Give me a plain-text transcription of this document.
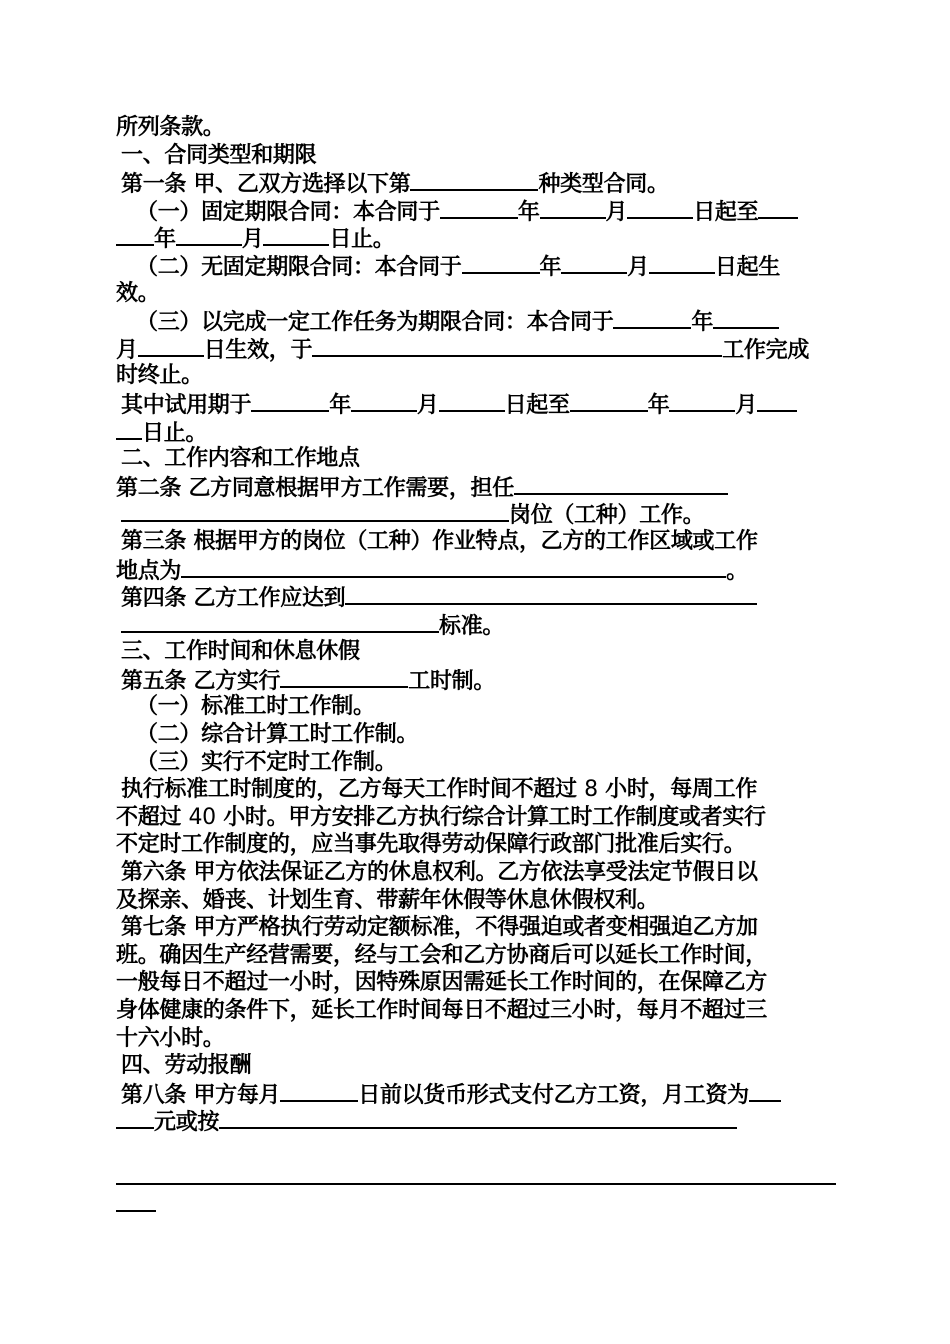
所列条款。
一、合同类型和期限
第一条 甲、乙双方选择以下第	种类型合同。
（一）固定期限合同：本合同于	年	月	日起至
年	月	日止。
（二）无固定期限合同：本合同于	年	月	日起生
效。
（三）以完成一定工作任务为期限合同：本合同于	年
月	日生效，于	工作完成
时终止。
其中试用期于	年	月	日起至	年	月
日止。
二、工作内容和工作地点
第二条 乙方同意根据甲方工作需要，担任
岗位（工种）工作。
第三条 根据甲方的岗位（工种）作业特点，乙方的工作区域或工作
地点为	。
第四条 乙方工作应达到
标准。
三、工作时间和休息休假
第五条 乙方实行	工时制。
（一）标准工时工作制。
（二）综合计算工时工作制。
（三）实行不定时工作制。
执行标准工时制度的，乙方每天工作时间不超过 8 小时，每周工作
不超过 40 小时。甲方安排乙方执行综合计算工时工作制度或者实行
不定时工作制度的，应当事先取得劳动保障行政部门批准后实行。
第六条 甲方依法保证乙方的休息权利。乙方依法享受法定节假日以
及探亲、婚丧、计划生育、带薪年休假等休息休假权利。
第七条 甲方严格执行劳动定额标准，不得强迫或者变相强迫乙方加
班。确因生产经营需要，经与工会和乙方协商后可以延长工作时间，
一般每日不超过一小时，因特殊原因需延长工作时间的，在保障乙方
身体健康的条件下，延长工作时间每日不超过三小时，每月不超过三
十六小时。
四、劳动报酬
第八条 甲方每月	日前以货币形式支付乙方工资，月工资为
元或按
